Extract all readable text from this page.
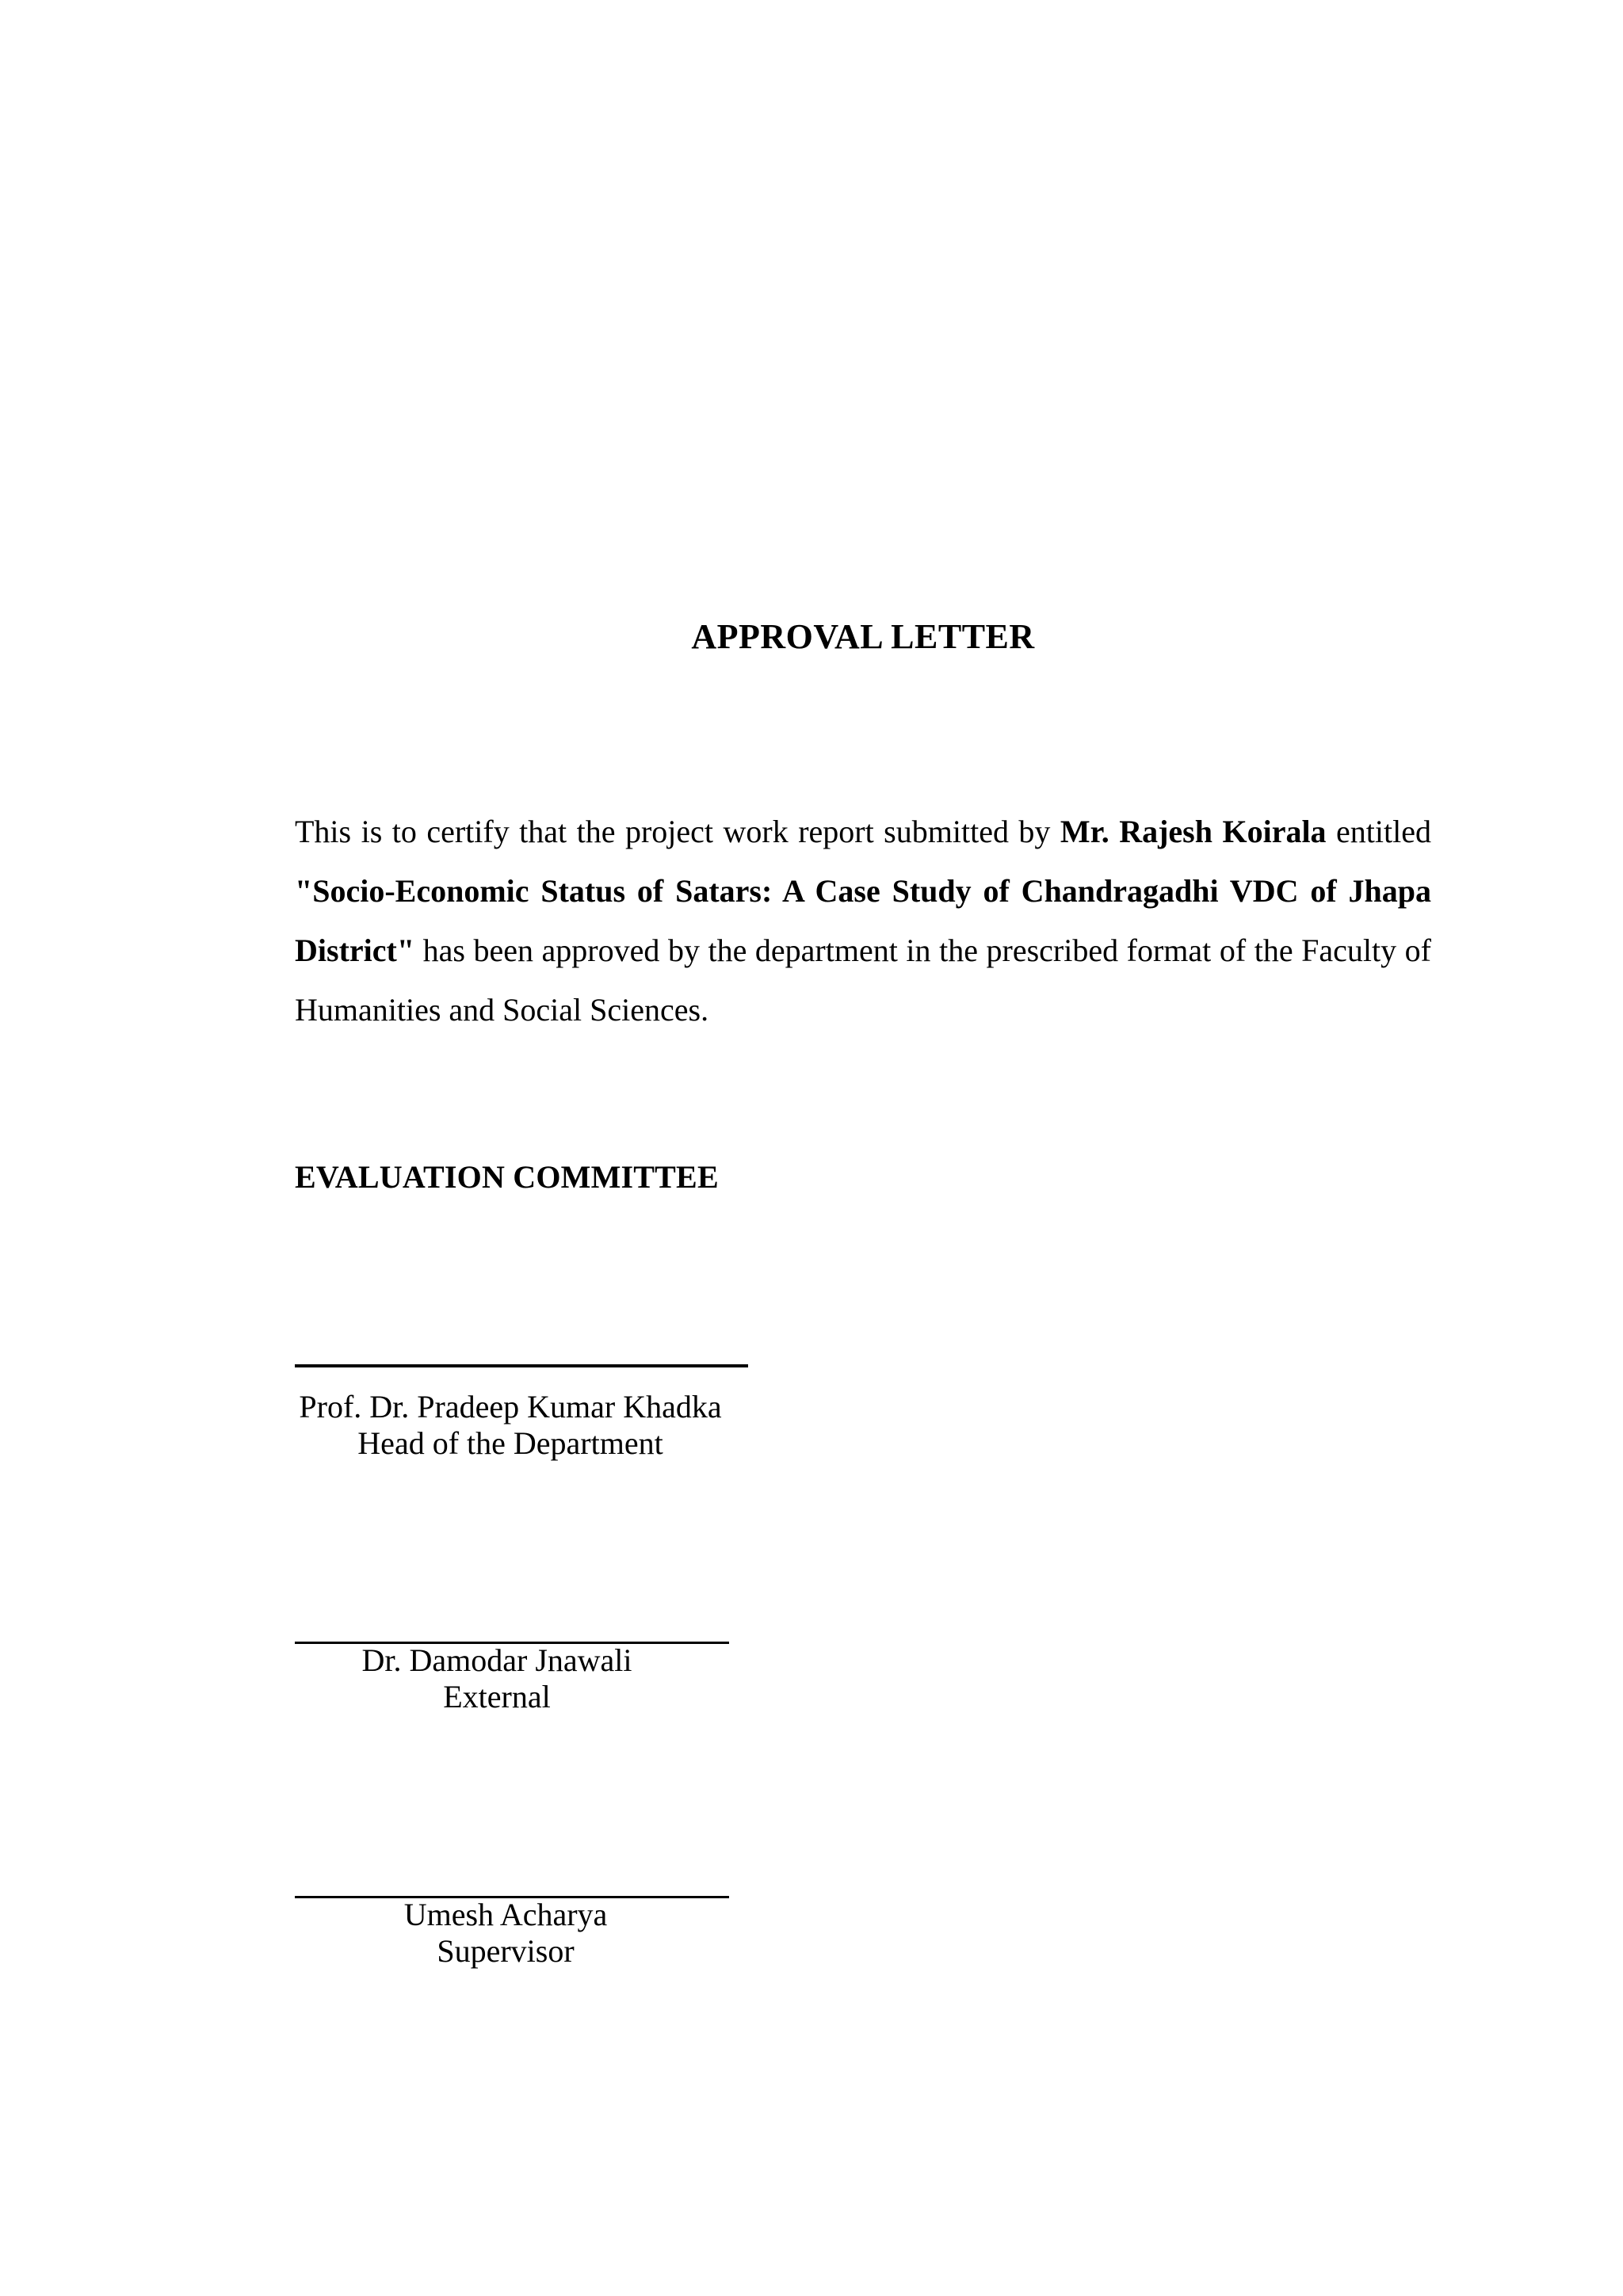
APPROVAL LETTER
This is to certify that the project work report submitted by Mr. Rajesh Koirala entitled "Socio-Economic Status of Satars: A Case Study of Chandragadhi VDC of Jhapa District" has been approved by the department in the prescribed format of the Faculty of Humanities and Social Sciences.
EVALUATION COMMITTEE
Prof. Dr. Pradeep Kumar Khadka
Head of the Department
Dr. Damodar Jnawali
External
Umesh Acharya
Supervisor
